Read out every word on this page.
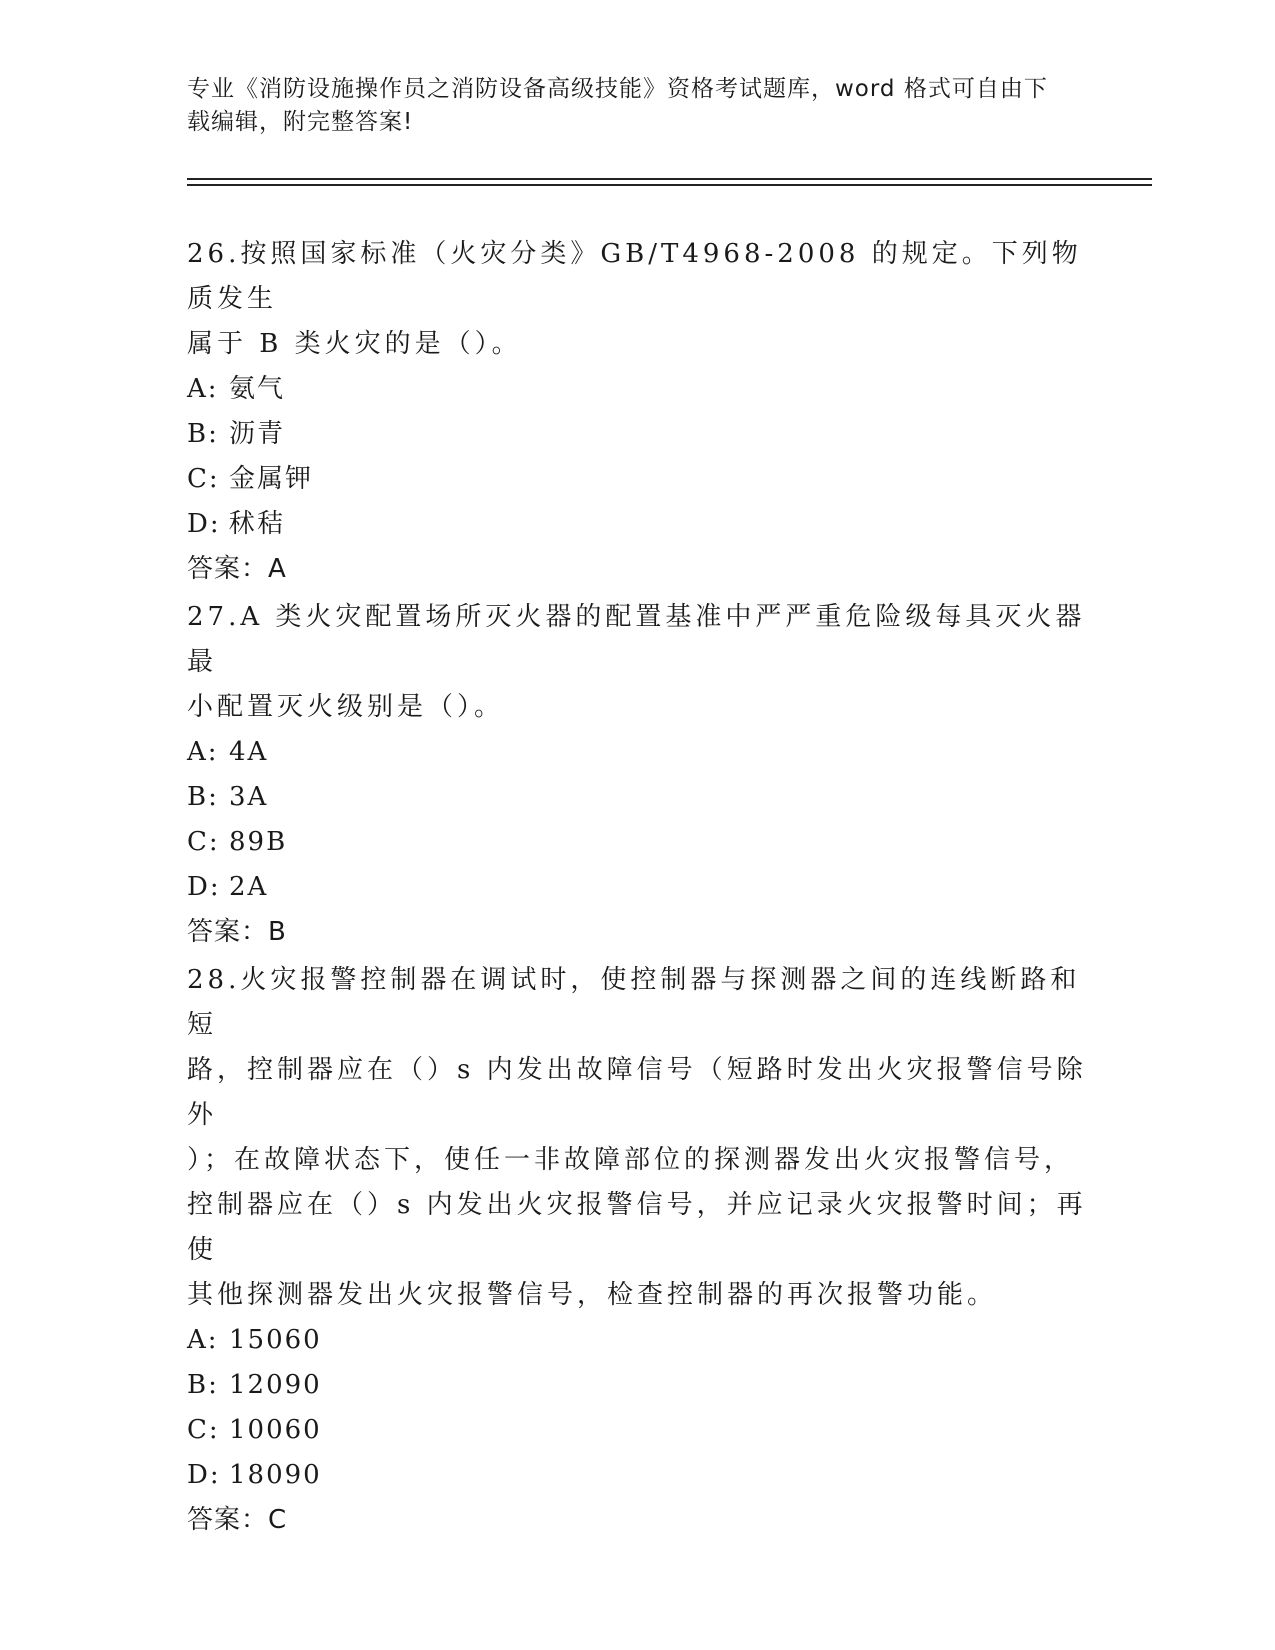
专业《消防设施操作员之消防设备高级技能》资格考试题库，word 格式可自由下
载编辑，附完整答案!

26.按照国家标准（火灾分类》GB/T4968-2008 的规定。下列物质发生

属于 B 类火灾的是（）。

A: 氨气

B: 沥青

C: 金属钾

D: 秫秸

答案：A

27.A 类火灾配置场所灭火器的配置基准中严严重危险级每具灭火器最

小配置灭火级别是（）。

A: 4A

B: 3A

C: 89B

D: 2A

答案：B

28.火灾报警控制器在调试时，使控制器与探测器之间的连线断路和短

路，控制器应在（）s 内发出故障信号（短路时发出火灾报警信号除外

）；在故障状态下，使任一非故障部位的探测器发出火灾报警信号，

控制器应在（）s 内发出火灾报警信号，并应记录火灾报警时间；再使

其他探测器发出火灾报警信号，检查控制器的再次报警功能。

A: 15060

B: 12090

C: 10060

D: 18090

答案：C
